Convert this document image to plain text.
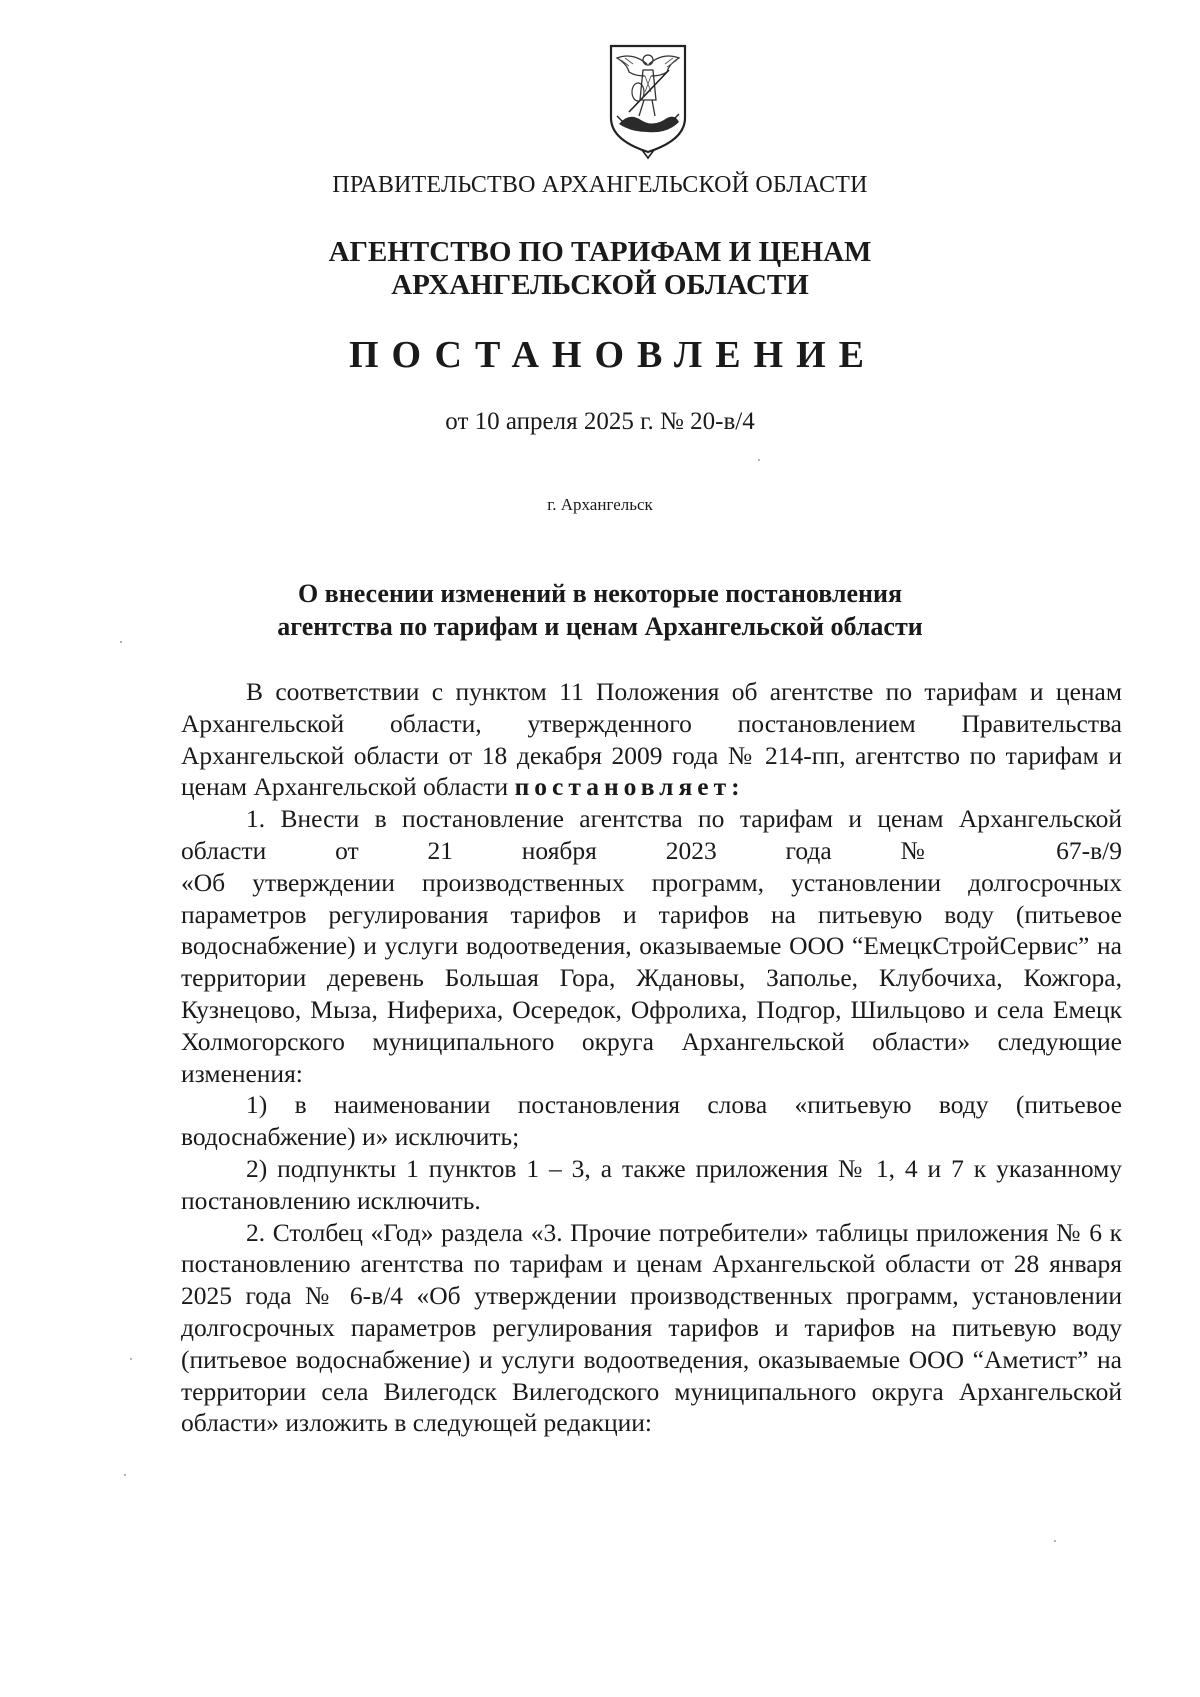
ПРАВИТЕЛЬСТВО АРХАНГЕЛЬСКОЙ ОБЛАСТИ
АГЕНТСТВО ПО ТАРИФАМ И ЦЕНАМ
АРХАНГЕЛЬСКОЙ ОБЛАСТИ
ПОСТАНОВЛЕНИЕ
от 10 апреля 2025 г. № 20-в/4
г. Архангельск
О внесении изменений в некоторые постановления
агентства по тарифам и ценам Архангельской области

В соответствии с пунктом 11 Положения об агентстве по тарифам и ценам Архангельской области, утвержденного постановлением Правительства Архангельской области от 18 декабря 2009 года № 214-пп, агентство по тарифам и ценам Архангельской области постановляет:

1. Внести в постановление агентства по тарифам и ценам Архангельской области от 21 ноября 2023 года № 67-в/9

«Об утверждении производственных программ, установлении долгосрочных параметров регулирования тарифов и тарифов на питьевую воду (питьевое водоснабжение) и услуги водоотведения, оказываемые ООО “ЕмецкСтройСервис” на территории деревень Большая Гора, Ждановы, Заполье, Клубочиха, Кожгора, Кузнецово, Мыза, Нифериха, Осередок, Офролиха, Подгор, Шильцово и села Емецк Холмогорского муниципального округа Архангельской области» следующие изменения:

1) в наименовании постановления слова «питьевую воду (питьевое водоснабжение) и» исключить;

2) подпункты 1 пунктов 1 – 3, а также приложения № 1, 4 и 7 к указанному постановлению исключить.

2. Столбец «Год» раздела «3. Прочие потребители» таблицы приложения № 6 к постановлению агентства по тарифам и ценам Архангельской области от 28 января 2025 года № 6-в/4 «Об утверждении производственных программ, установлении долгосрочных параметров регулирования тарифов и тарифов на питьевую воду (питьевое водоснабжение) и услуги водоотведения, оказываемые ООО “Аметист” на территории села Вилегодск Вилегодского муниципального округа Архангельской области» изложить в следующей редакции:
